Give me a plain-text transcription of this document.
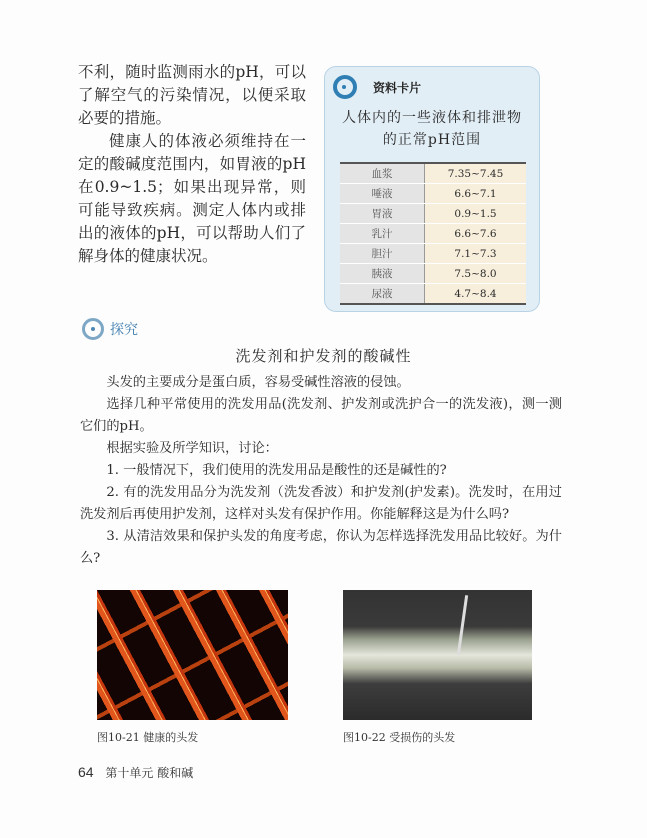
不利，随时监测雨水的pH，可以了解空气的污染情况，以便采取必要的措施。

健康人的体液必须维持在一定的酸碱度范围内，如胃液的pH在0.9~1.5；如果出现异常，则可能导致疾病。测定人体内或排出的液体的pH，可以帮助人们了解身体的健康状况。

资料卡片
人体内的一些液体和排泄物
的正常pH范围
血浆	7.35~7.45
唾液	6.6~7.1
胃液	0.9~1.5
乳汁	6.6~7.6
胆汁	7.1~7.3
胰液	7.5~8.0
尿液	4.7~8.4
探究
洗发剂和护发剂的酸碱性

头发的主要成分是蛋白质，容易受碱性溶液的侵蚀。

选择几种平常使用的洗发用品(洗发剂、护发剂或洗护合一的洗发液)，测一测它们的pH。

根据实验及所学知识，讨论：

1. 一般情况下，我们使用的洗发用品是酸性的还是碱性的?

2. 有的洗发用品分为洗发剂（洗发香波）和护发剂(护发素)。洗发时，在用过洗发剂后再使用护发剂，这样对头发有保护作用。你能解释这是为什么吗?

3. 从清洁效果和保护头发的角度考虑，你认为怎样选择洗发用品比较好。为什么?

图10-21 健康的头发	图10-22 受损伤的头发
64 第十单元 酸和碱
